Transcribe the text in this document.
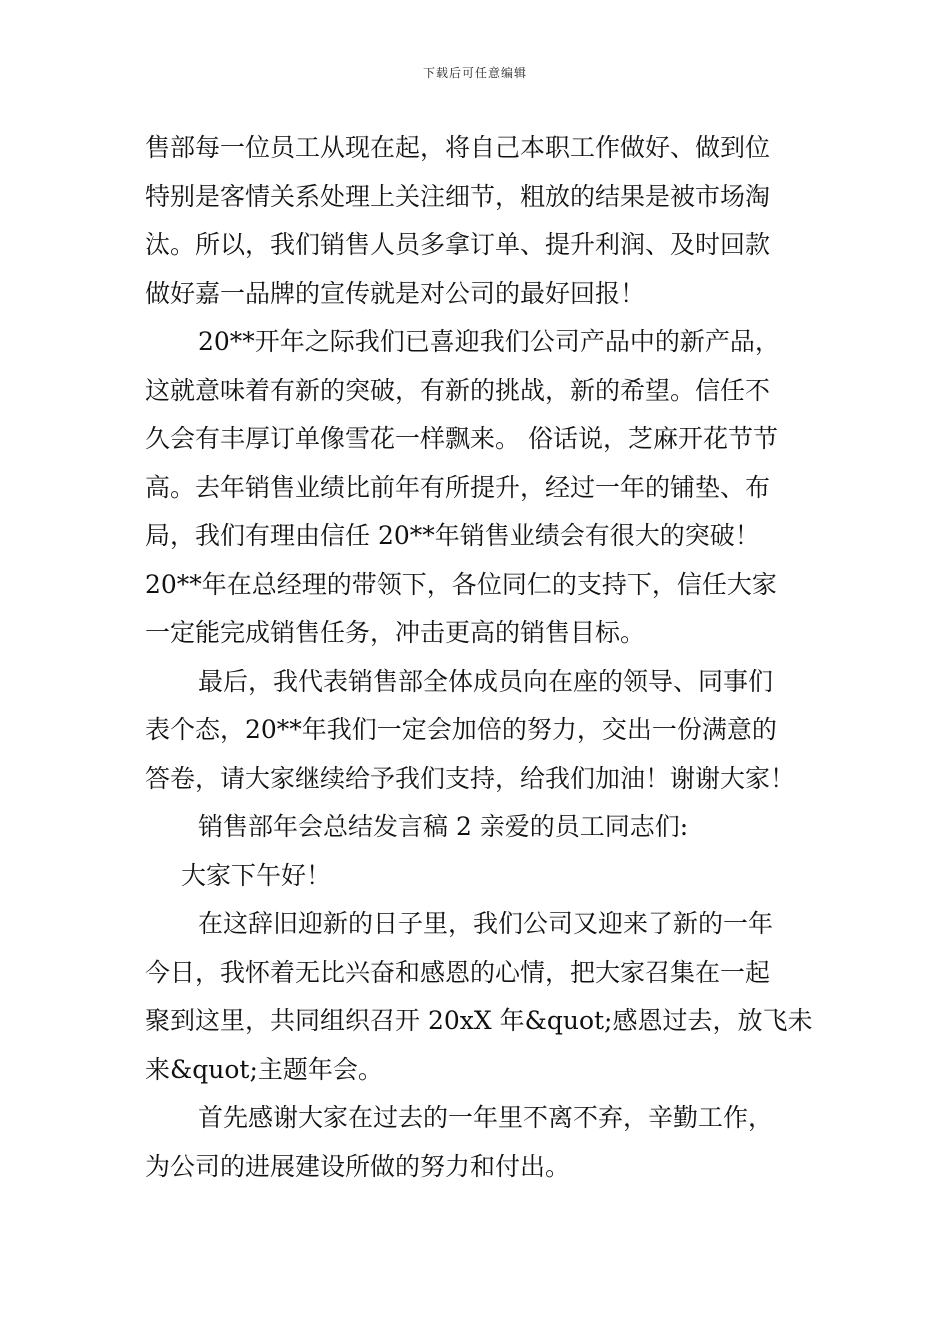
下载后可任意编辑
售部每一位员工从现在起，将自己本职工作做好、做到位
特别是客情关系处理上关注细节，粗放的结果是被市场淘
汰。所以，我们销售人员多拿订单、提升利润、及时回款
做好嘉一品牌的宣传就是对公司的最好回报！
20**开年之际我们已喜迎我们公司产品中的新产品，
这就意味着有新的突破，有新的挑战，新的希望。信任不
久会有丰厚订单像雪花一样飘来。 俗话说，芝麻开花节节
高。去年销售业绩比前年有所提升，经过一年的铺垫、布
局，我们有理由信任 20**年销售业绩会有很大的突破！
20**年在总经理的带领下，各位同仁的支持下，信任大家
一定能完成销售任务，冲击更高的销售目标。
最后，我代表销售部全体成员向在座的领导、同事们
表个态，20**年我们一定会加倍的努力，交出一份满意的
答卷，请大家继续给予我们支持，给我们加油！谢谢大家！
销售部年会总结发言稿 2 亲爱的员工同志们:
大家下午好！
在这辞旧迎新的日子里，我们公司又迎来了新的一年
今日，我怀着无比兴奋和感恩的心情，把大家召集在一起
聚到这里，共同组织召开 20xX 年&quot;感恩过去，放飞未
来&quot;主题年会。
首先感谢大家在过去的一年里不离不弃，辛勤工作，
为公司的进展建设所做的努力和付出。
